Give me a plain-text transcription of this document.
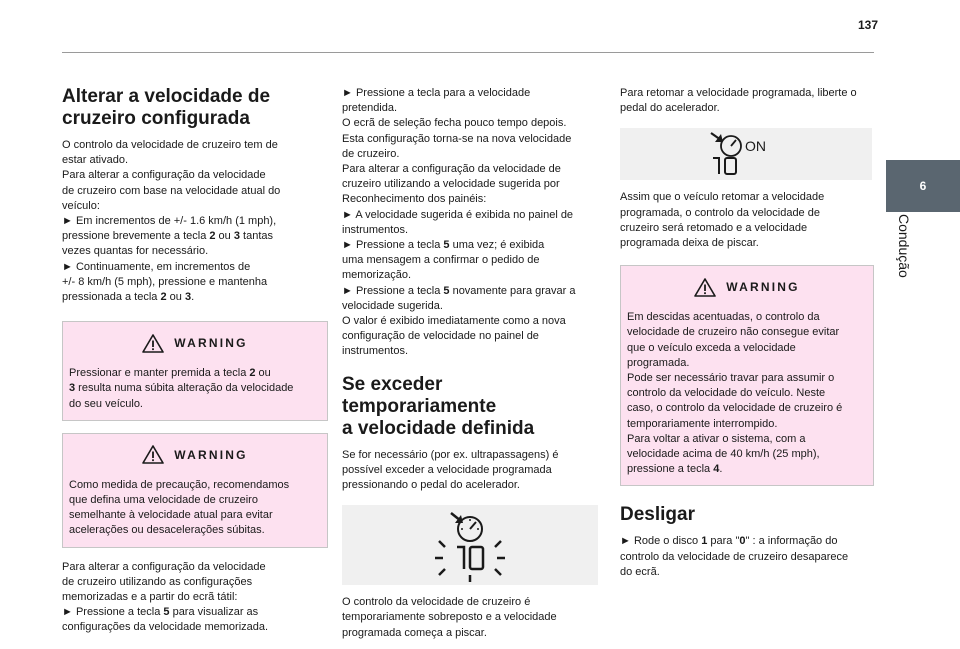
137
6
Condução
Alterar a velocidade de
cruzeiro configurada
O controlo da velocidade de cruzeiro tem de
estar ativado.
Para alterar a configuração da velocidade
de cruzeiro com base na velocidade atual do
veículo:
► Em incrementos de +/- 1.6 km/h (1 mph),
pressione brevemente a tecla 2 ou 3 tantas
vezes quantas for necessário.
► Continuamente, em incrementos de
+/- 8 km/h (5 mph), pressione e mantenha
pressionada a tecla 2 ou 3.
WARNING
Pressionar e manter premida a tecla 2 ou
3 resulta numa súbita alteração da velocidade
do seu veículo.
WARNING
Como medida de precaução, recomendamos
que defina uma velocidade de cruzeiro
semelhante à velocidade atual para evitar
acelerações ou desacelerações súbitas.
Para alterar a configuração da velocidade
de cruzeiro utilizando as configurações
memorizadas e a partir do ecrã tátil:
► Pressione a tecla 5 para visualizar as
configurações da velocidade memorizada.
► Pressione a tecla para a velocidade
pretendida.
O ecrã de seleção fecha pouco tempo depois.
Esta configuração torna-se na nova velocidade
de cruzeiro.
Para alterar a configuração da velocidade de
cruzeiro utilizando a velocidade sugerida por
Reconhecimento dos painéis:
► A velocidade sugerida é exibida no painel de
instrumentos.
► Pressione a tecla 5 uma vez; é exibida
uma mensagem a confirmar o pedido de
memorização.
► Pressione a tecla 5 novamente para gravar a
velocidade sugerida.
O valor é exibido imediatamente como a nova
configuração de velocidade no painel de
instrumentos.
Se exceder temporariamente
a velocidade definida
Se for necessário (por ex. ultrapassagens) é
possível exceder a velocidade programada
pressionando o pedal do acelerador.
O controlo da velocidade de cruzeiro é
temporariamente sobreposto e a velocidade
programada começa a piscar.
Para retomar a velocidade programada, liberte o
pedal do acelerador.
ON
Assim que o veículo retomar a velocidade
programada, o controlo da velocidade de
cruzeiro será retomado e a velocidade
programada deixa de piscar.
WARNING
Em descidas acentuadas, o controlo da
velocidade de cruzeiro não consegue evitar
que o veículo exceda a velocidade
programada.
Pode ser necessário travar para assumir o
controlo da velocidade do veículo. Neste
caso, o controlo da velocidade de cruzeiro é
temporariamente interrompido.
Para voltar a ativar o sistema, com a
velocidade acima de 40 km/h (25 mph),
pressione a tecla 4.
Desligar
► Rode o disco 1 para "0" : a informação do
controlo da velocidade de cruzeiro desaparece
do ecrã.
